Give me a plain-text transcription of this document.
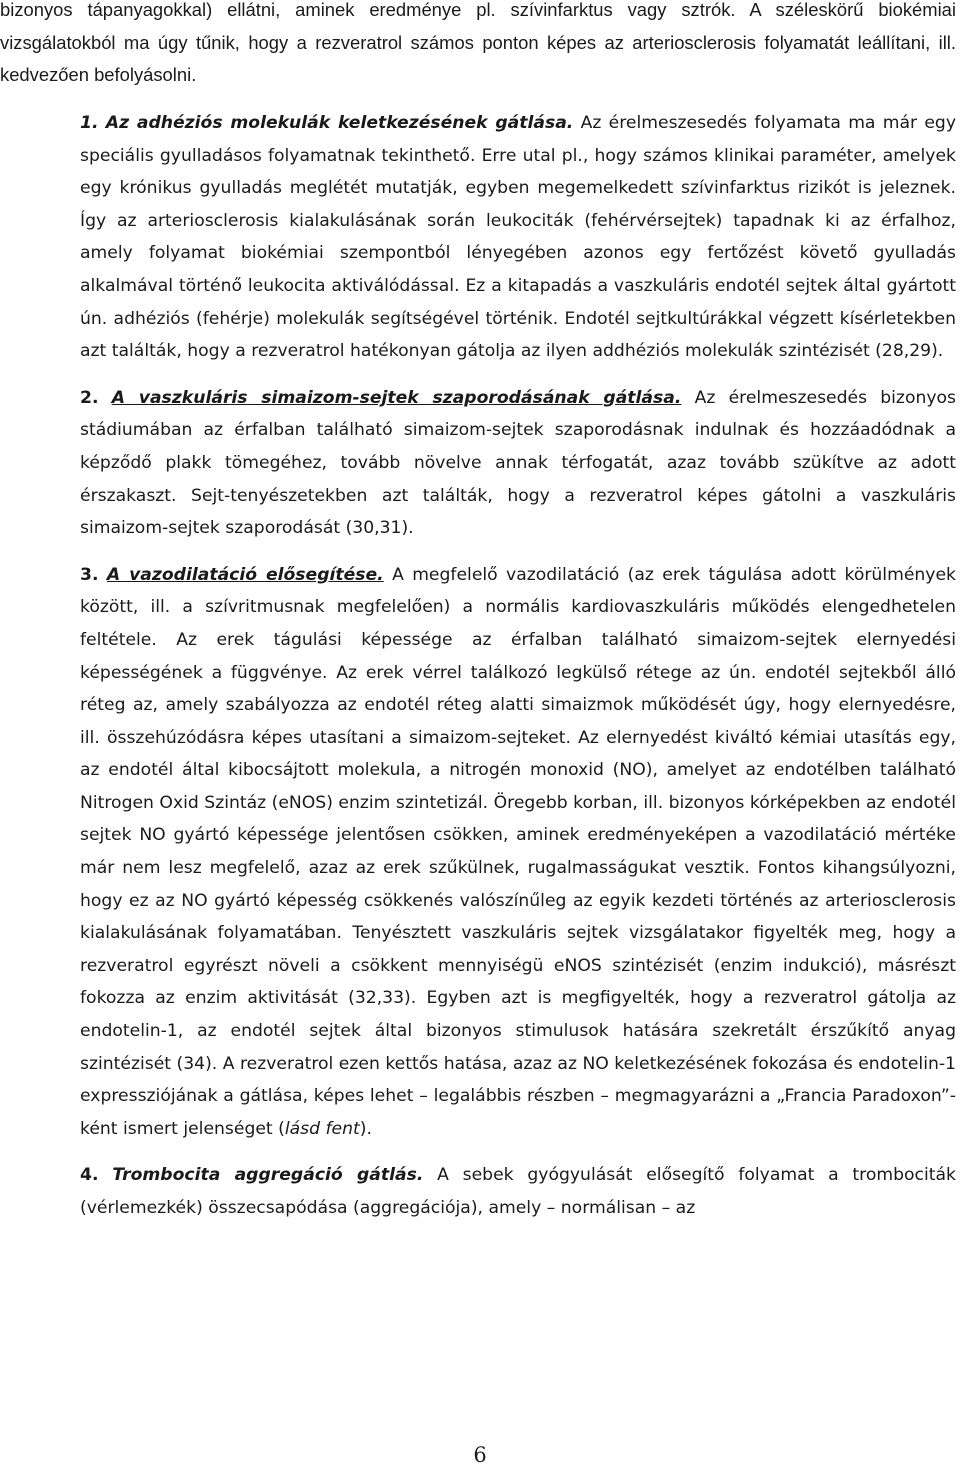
bizonyos tápanyagokkal) ellátni, aminek eredménye pl. szívinfarktus vagy sztrók. A széleskörű biokémiai vizsgálatokból ma úgy tűnik, hogy a rezveratrol számos ponton képes az arteriosclerosis folyamatát leállítani, ill. kedvezően befolyásolni.

1. Az adhéziós molekulák keletkezésének gátlása. Az érelmeszesedés folyamata ma már egy speciális gyulladásos folyamatnak tekinthető. Erre utal pl., hogy számos klinikai paraméter, amelyek egy krónikus gyulladás meglétét mutatják, egyben megemelkedett szívinfarktus rizikót is jeleznek. Így az arteriosclerosis kialakulásának során leukociták (fehérvérsejtek) tapadnak ki az érfalhoz, amely folyamat biokémiai szempontból lényegében azonos egy fertőzést követő gyulladás alkalmával történő leukocita aktiválódással. Ez a kitapadás a vaszkuláris endotél sejtek által gyártott ún. adhéziós (fehérje) molekulák segítségével történik. Endotél sejtkultúrákkal végzett kísérletekben azt találták, hogy a rezveratrol hatékonyan gátolja az ilyen addhéziós molekulák szintézisét (28,29).

2. A vaszkuláris simaizom-sejtek szaporodásának gátlása. Az érelmeszesedés bizonyos stádiumában az érfalban található simaizom-sejtek szaporodásnak indulnak és hozzáadódnak a képződő plakk tömegéhez, tovább növelve annak térfogatát, azaz tovább szükítve az adott érszakaszt. Sejt-tenyészetekben azt találták, hogy a rezveratrol képes gátolni a vaszkuláris simaizom-sejtek szaporodását (30,31).

3. A vazodilatáció elősegítése. A megfelelő vazodilatáció (az erek tágulása adott körülmények között, ill. a szívritmusnak megfelelően) a normális kardiovaszkuláris működés elengedhetelen feltétele. Az erek tágulási képessége az érfalban található simaizom-sejtek elernyedési képességének a függvénye. Az erek vérrel találkozó legkülső rétege az ún. endotél sejtekből álló réteg az, amely szabályozza az endotél réteg alatti simaizmok működését úgy, hogy elernyedésre, ill. összehúzódásra képes utasítani a simaizom-sejteket. Az elernyedést kiváltó kémiai utasítás egy, az endotél által kibocsájtott molekula, a nitrogén monoxid (NO), amelyet az endotélben található Nitrogen Oxid Szintáz (eNOS) enzim szintetizál. Öregebb korban, ill. bizonyos kórképekben az endotél sejtek NO gyártó képessége jelentősen csökken, aminek eredményeképen a vazodilatáció mértéke már nem lesz megfelelő, azaz az erek szűkülnek, rugalmasságukat vesztik. Fontos kihangsúlyozni, hogy ez az NO gyártó képesség csökkenés valószínűleg az egyik kezdeti történés az arteriosclerosis kialakulásának folyamatában. Tenyésztett vaszkuláris sejtek vizsgálatakor figyelték meg, hogy a rezveratrol egyrészt növeli a csökkent mennyiségü eNOS szintézisét (enzim indukció), másrészt fokozza az enzim aktivitását (32,33). Egyben azt is megfigyelték, hogy a rezveratrol gátolja az endotelin-1, az endotél sejtek által bizonyos stimulusok hatására szekretált érszűkítő anyag szintézisét (34). A rezveratrol ezen kettős hatása, azaz az NO keletkezésének fokozása és endotelin-1 expressziójának a gátlása, képes lehet – legalábbis részben – megmagyarázni a „Francia Paradoxon”-ként ismert jelenséget (lásd fent).

4. Trombocita aggregáció gátlás. A sebek gyógyulását elősegítő folyamat a trombociták (vérlemezkék) összecsapódása (aggregációja), amely – normálisan – az

6
